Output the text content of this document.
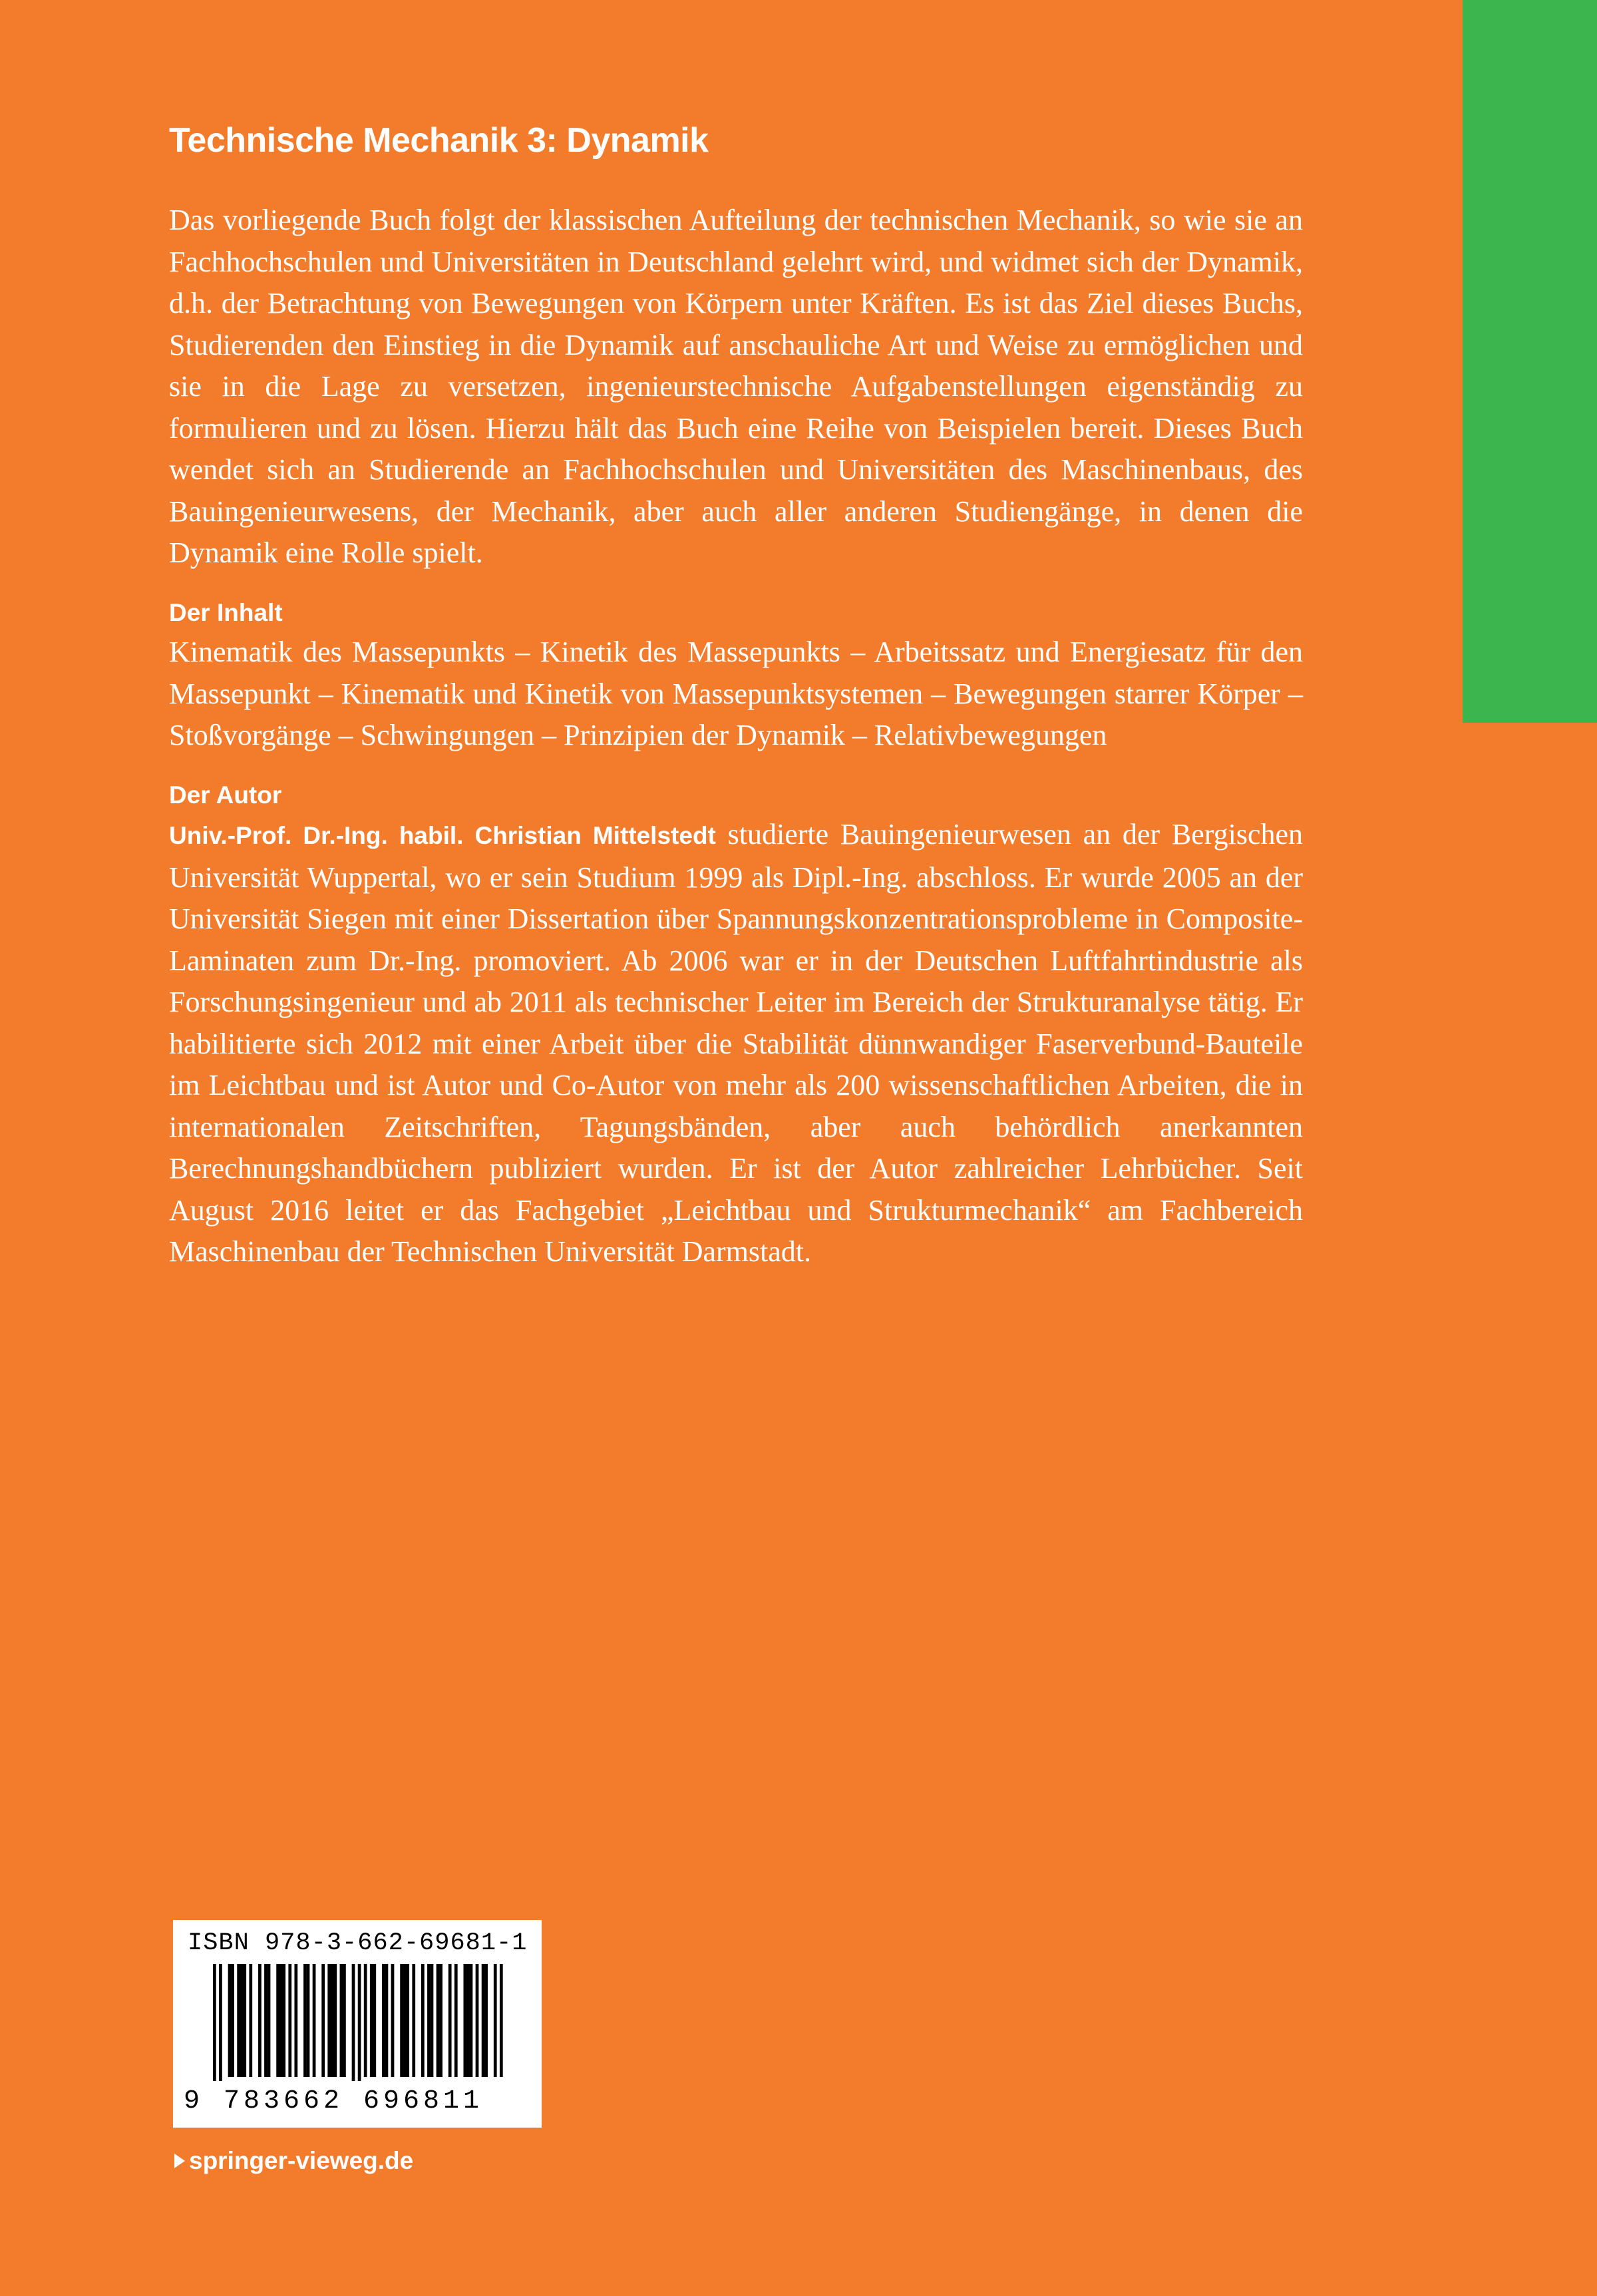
Technische Mechanik 3: Dynamik

Das vorliegende Buch folgt der klassischen Aufteilung der technischen Mechanik, so wie sie an Fachhochschulen und Universitäten in Deutschland gelehrt wird, und widmet sich der Dynamik, d.h. der Betrachtung von Bewegungen von Körpern unter Kräften. Es ist das Ziel dieses Buchs, Studierenden den Einstieg in die Dynamik auf anschauliche Art und Weise zu ermöglichen und sie in die Lage zu versetzen, ingenieurstechnische Aufgabenstellungen eigenständig zu formulieren und zu lösen. Hierzu hält das Buch eine Reihe von Beispielen bereit. Dieses Buch wendet sich an Studierende an Fachhochschulen und Universitäten des Maschinenbaus, des Bauingenieurwesens, der Mechanik, aber auch aller anderen Studiengänge, in denen die Dynamik eine Rolle spielt.

Der Inhalt

Kinematik des Massepunkts – Kinetik des Massepunkts – Arbeitssatz und Energiesatz für den Massepunkt – Kinematik und Kinetik von Massepunktsystemen – Bewegungen starrer Körper – Stoßvorgänge – Schwingungen – Prinzipien der Dynamik – Relativbewegungen

Der Autor

Univ.-Prof. Dr.-Ing. habil. Christian Mittelstedt studierte Bauingenieurwesen an der Bergischen Universität Wuppertal, wo er sein Studium 1999 als Dipl.-Ing. abschloss. Er wurde 2005 an der Universität Siegen mit einer Dissertation über Spannungskonzentrationsprobleme in Composite-Laminaten zum Dr.-Ing. promoviert. Ab 2006 war er in der Deutschen Luftfahrtindustrie als Forschungsingenieur und ab 2011 als technischer Leiter im Bereich der Strukturanalyse tätig. Er habilitierte sich 2012 mit einer Arbeit über die Stabilität dünnwandiger Faserverbund-Bauteile im Leichtbau und ist Autor und Co-Autor von mehr als 200 wissenschaftlichen Arbeiten, die in internationalen Zeitschriften, Tagungsbänden, aber auch behördlich anerkannten Berechnungshandbüchern publiziert wurden. Er ist der Autor zahlreicher Lehrbücher. Seit August 2016 leitet er das Fachgebiet „Leichtbau und Strukturmechanik“ am Fachbereich Maschinenbau der Technischen Universität Darmstadt.

ISBN 978-3-662-69681-1
9 783662 696811
springer-vieweg.de
